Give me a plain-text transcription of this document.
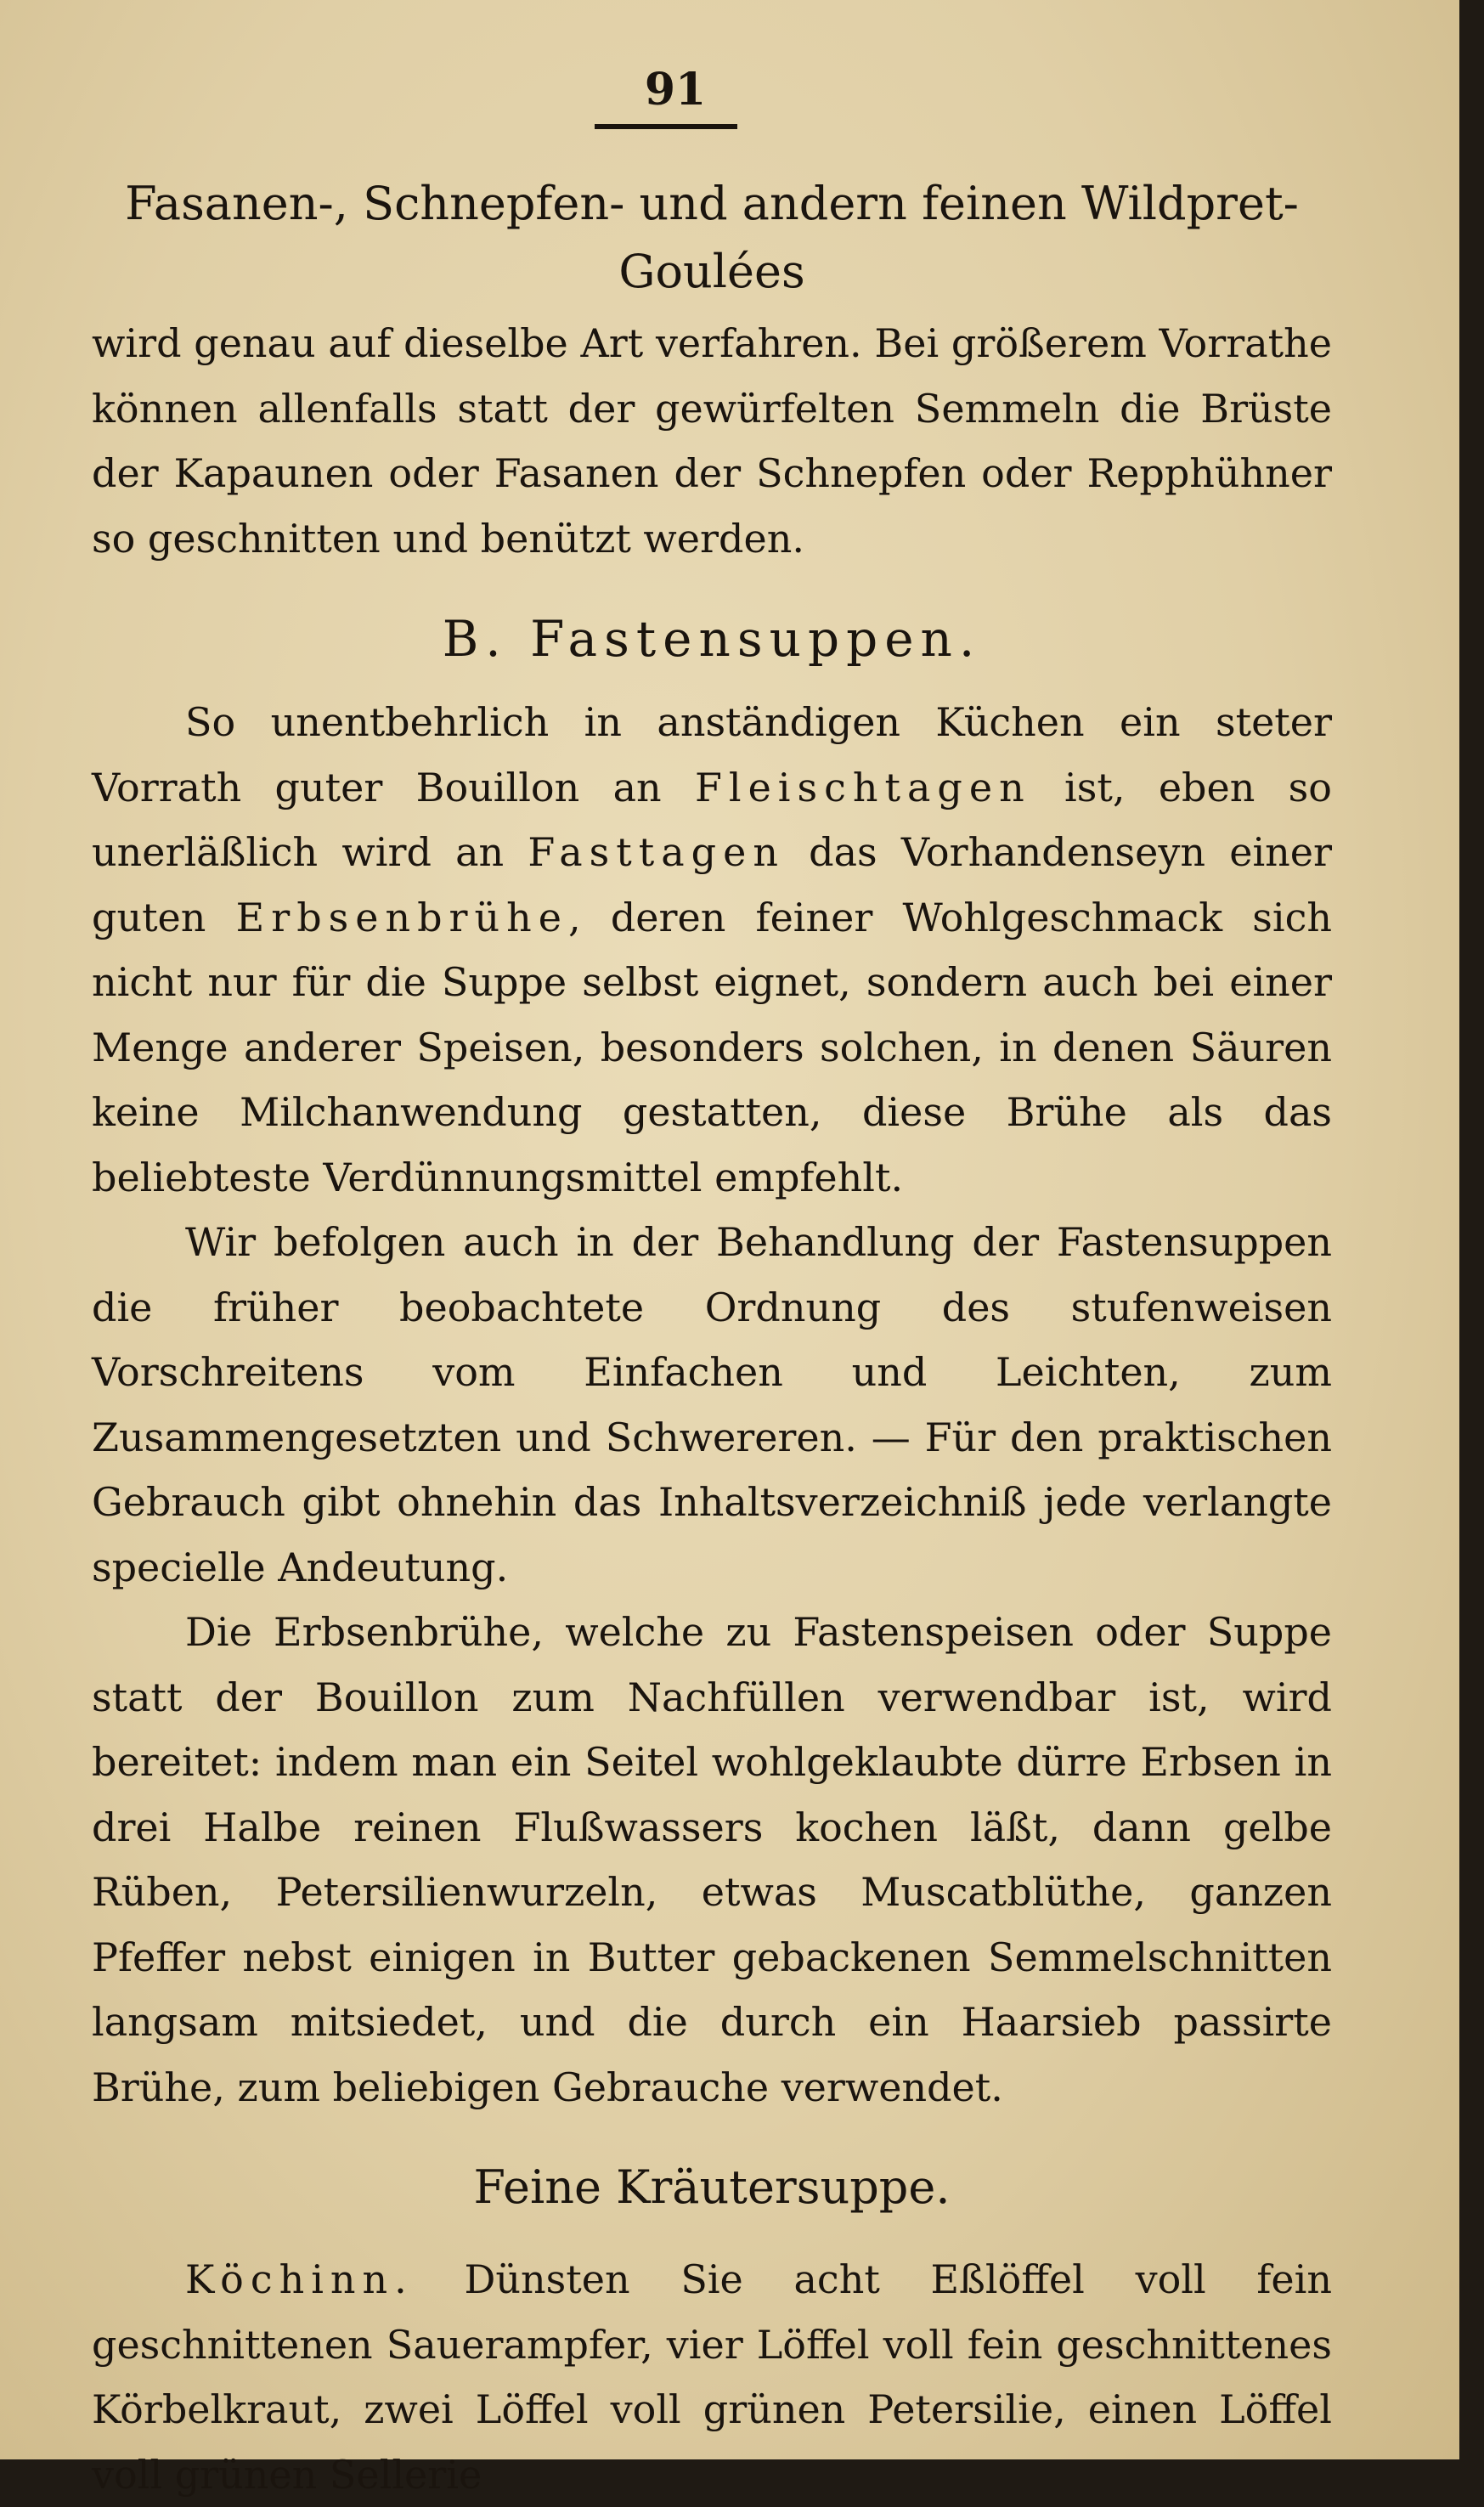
91
Fasanen-, Schnepfen- und andern feinen Wildpret-
Goulées

wird genau auf dieselbe Art verfahren. Bei größerem Vorrathe können allenfalls statt der gewürfelten Semmeln die Brüste der Kapaunen oder Fasanen der Schnepfen oder Repphühner so geschnitten und benützt werden.

B. Fastensuppen.

So unentbehrlich in anständigen Küchen ein steter Vorrath guter Bouillon an Fleischtagen ist, eben so unerläßlich wird an Fasttagen das Vorhandenseyn einer guten Erbsenbrühe, deren feiner Wohlgeschmack sich nicht nur für die Suppe selbst eignet, sondern auch bei einer Menge anderer Speisen, besonders solchen, in denen Säuren keine Milchanwendung gestatten, diese Brühe als das beliebteste Verdünnungsmittel empfehlt.

Wir befolgen auch in der Behandlung der Fastensuppen die früher beobachtete Ordnung des stufenweisen Vorschreitens vom Einfachen und Leichten, zum Zusammengesetzten und Schwereren. — Für den praktischen Gebrauch gibt ohnehin das Inhaltsverzeichniß jede verlangte specielle Andeutung.

Die Erbsenbrühe, welche zu Fastenspeisen oder Suppe statt der Bouillon zum Nachfüllen verwendbar ist, wird bereitet: indem man ein Seitel wohlgeklaubte dürre Erbsen in drei Halbe reinen Flußwassers kochen läßt, dann gelbe Rüben, Petersilienwurzeln, etwas Muscatblüthe, ganzen Pfeffer nebst einigen in Butter gebackenen Semmelschnitten langsam mitsiedet, und die durch ein Haarsieb passirte Brühe, zum beliebigen Gebrauche verwendet.

Feine Kräutersuppe.

Köchinn. Dünsten Sie acht Eßlöffel voll fein geschnittenen Sauerampfer, vier Löffel voll fein geschnittenes Körbelkraut, zwei Löffel voll grünen Petersilie, einen Löffel voll grünen Sellerie
